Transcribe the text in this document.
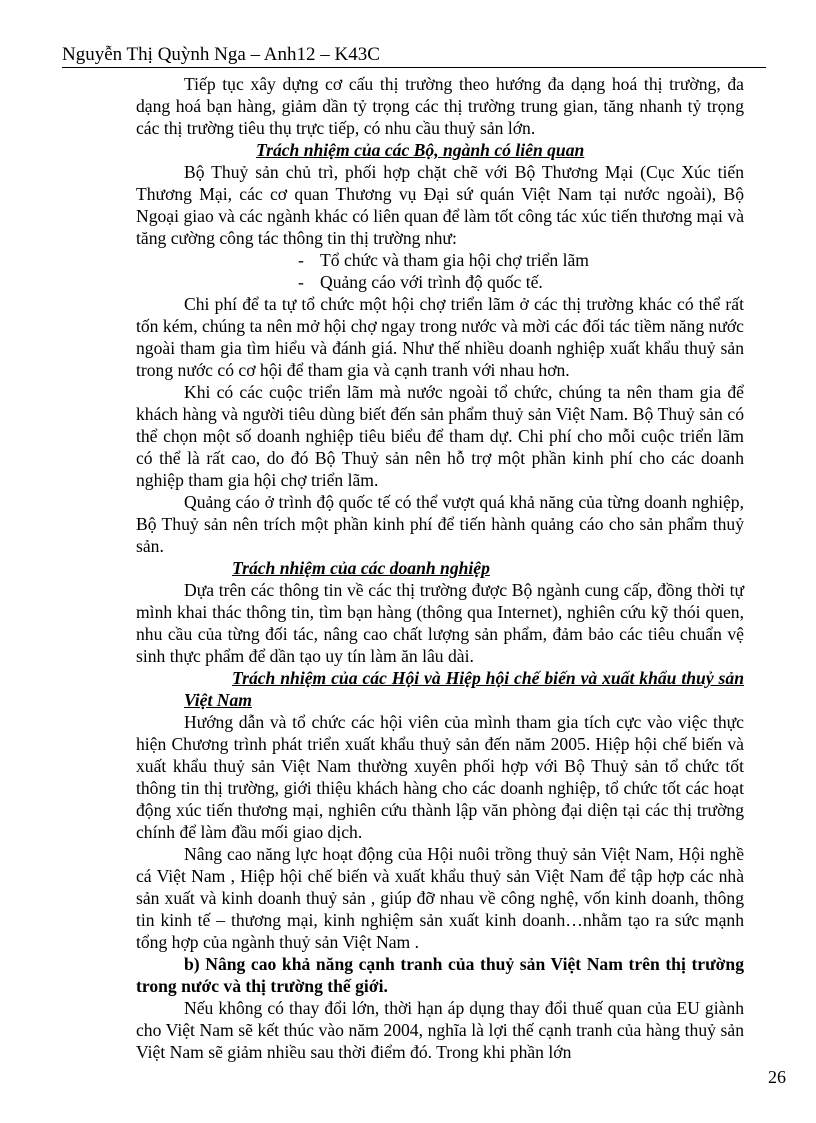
Nguyễn Thị Quỳnh Nga – Anh12 – K43C

Tiếp tục xây dựng cơ cấu thị trường theo hướng đa dạng hoá thị trường, đa dạng hoá bạn hàng, giảm dần tỷ trọng các thị trường trung gian, tăng nhanh tỷ trọng các thị trường tiêu thụ trực tiếp, có nhu cầu thuỷ sản lớn.

Trách nhiệm của các Bộ, ngành có liên quan

Bộ Thuỷ sản chủ trì, phối hợp chặt chẽ với Bộ Thương Mại (Cục Xúc tiến Thương Mại, các cơ quan Thương vụ Đại sứ quán Việt Nam tại nước ngoài), Bộ Ngoại giao và các ngành khác có liên quan để làm tốt công tác xúc tiến thương mại và tăng cường công tác thông tin thị trường như:

- Tổ chức và tham gia hội chợ triển lãm
- Quảng cáo với trình độ quốc tế.

Chi phí để ta tự tổ chức một hội chợ triển lãm ở các thị trường khác có thể rất tốn kém, chúng ta nên mở hội chợ ngay trong nước và mời các đối tác tiềm năng nước ngoài tham gia tìm hiểu và đánh giá. Như thế nhiều doanh nghiệp xuất khẩu thuỷ sản trong nước có cơ hội để tham gia và cạnh tranh với nhau hơn.

Khi có các cuộc triển lãm mà nước ngoài tổ chức, chúng ta nên tham gia để khách hàng và người tiêu dùng biết đến sản phẩm thuỷ sản Việt Nam. Bộ Thuỷ sản có thể chọn một số doanh nghiệp tiêu biểu để tham dự. Chi phí cho mỗi cuộc triển lãm có thể là rất cao, do đó Bộ Thuỷ sản nên hỗ trợ một phần kinh phí cho các doanh nghiệp tham gia hội chợ triển lãm.

Quảng cáo ở trình độ quốc tế có thể vượt quá khả năng của từng doanh nghiệp, Bộ Thuỷ sản nên trích một phần kinh phí để tiến hành quảng cáo cho sản phẩm thuỷ sản.

Trách nhiệm của các doanh nghiệp

Dựa trên các thông tin về các thị trường được Bộ ngành cung cấp, đồng thời tự mình khai thác thông tin, tìm bạn hàng (thông qua Internet), nghiên cứu kỹ thói quen, nhu cầu của từng đối tác, nâng cao chất lượng sản phẩm, đảm bảo các tiêu chuẩn vệ sinh thực phẩm để dần tạo uy tín làm ăn lâu dài.

Trách nhiệm của các Hội và Hiệp hội chế biến và xuất khẩu thuỷ sản Việt Nam

Hướng dẫn và tổ chức các hội viên của mình tham gia tích cực vào việc thực hiện Chương trình phát triển xuất khẩu thuỷ sản đến năm 2005. Hiệp hội chế biến và xuất khẩu thuỷ sản Việt Nam thường xuyên phối hợp với Bộ Thuỷ sản tổ chức tốt thông tin thị trường, giới thiệu khách hàng cho các doanh nghiệp, tổ chức tốt các hoạt động xúc tiến thương mại, nghiên cứu thành lập văn phòng đại diện tại các thị trường chính để làm đầu mối giao dịch.

Nâng cao năng lực hoạt động của Hội nuôi trồng thuỷ sản Việt Nam, Hội nghề cá Việt Nam , Hiệp hội chế biến và xuất khẩu thuỷ sản Việt Nam để tập hợp các nhà sản xuất và kinh doanh thuỷ sản , giúp đỡ nhau về công nghệ, vốn kinh doanh, thông tin kinh tế – thương mại, kinh nghiệm sản xuất kinh doanh…nhằm tạo ra sức mạnh tổng hợp của ngành thuỷ sản Việt Nam .

b) Nâng cao khả năng cạnh tranh của thuỷ sản Việt Nam trên thị trường trong nước và thị trường thế giới.

Nếu không có thay đổi lớn, thời hạn áp dụng thay đổi thuế quan của EU giành cho Việt Nam sẽ kết thúc vào năm 2004, nghĩa là lợi thế cạnh tranh của hàng thuỷ sản Việt Nam sẽ giảm nhiều sau thời điểm đó. Trong khi phần lớn

26
